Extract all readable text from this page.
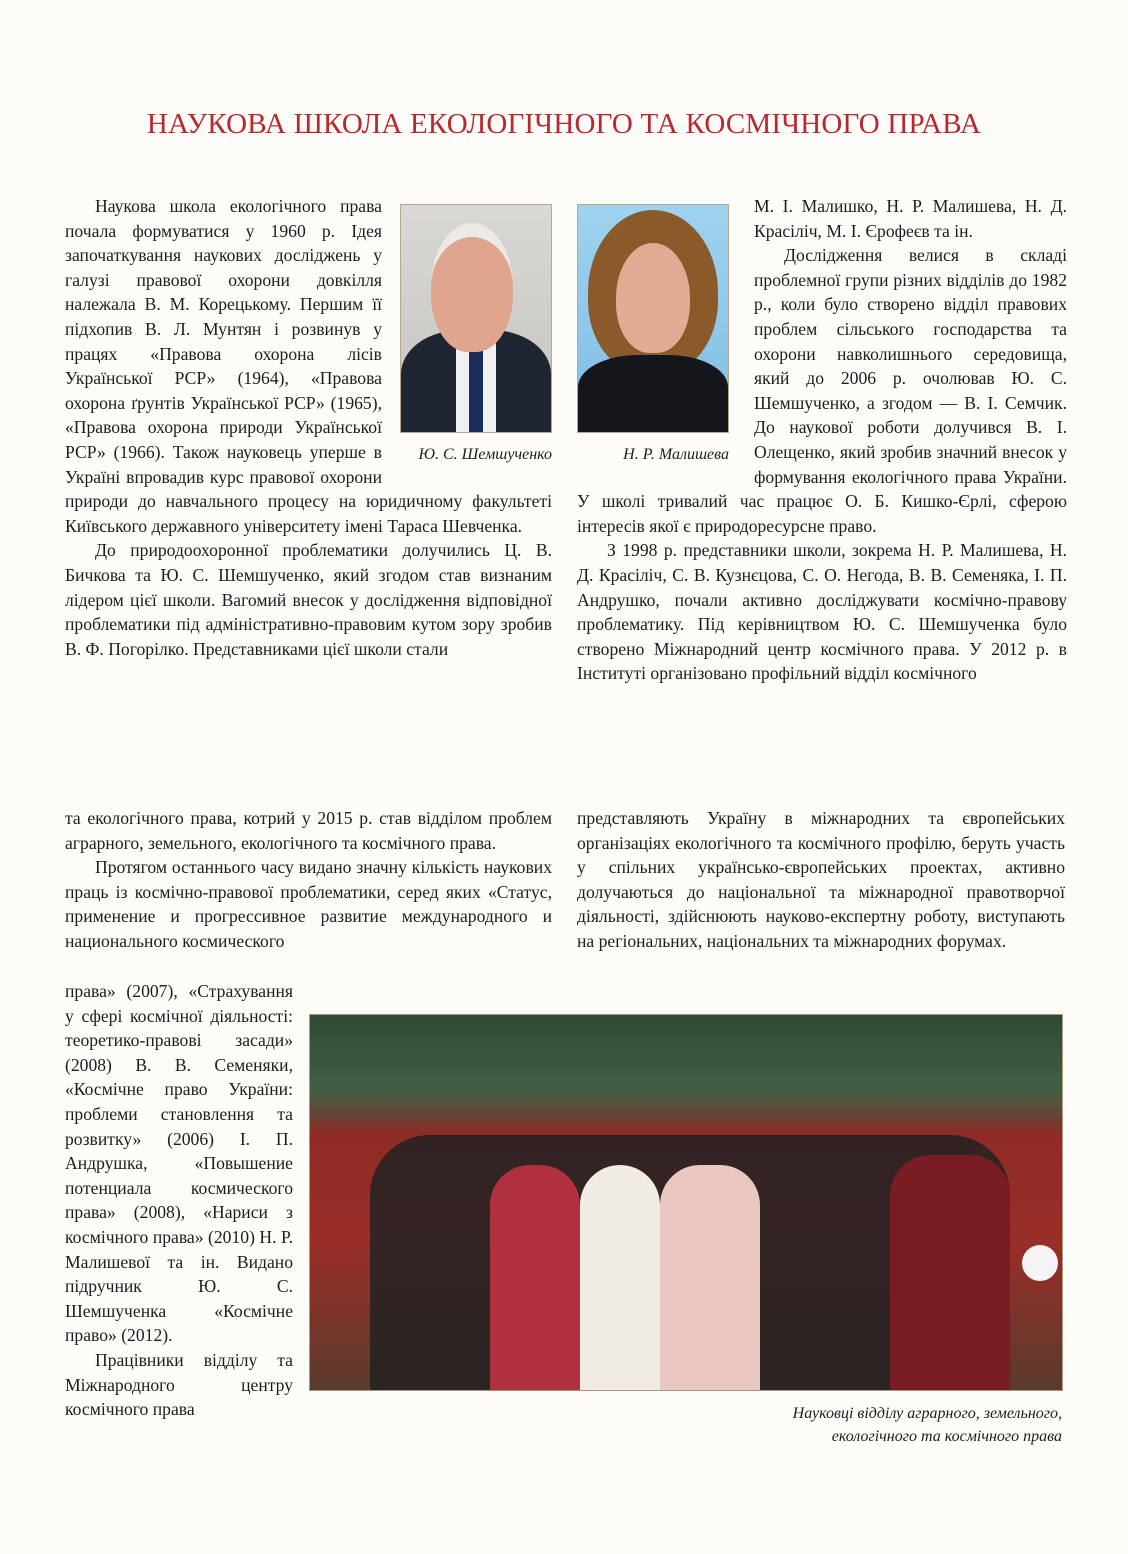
НАУКОВА ШКОЛА ЕКОЛОГІЧНОГО ТА КОСМІЧНОГО ПРАВА
Ю. С. Шемшученко

Наукова школа екологічного права почала формуватися у 1960 р. Ідея започаткування наукових досліджень у галузі правової охорони довкілля належала В. М. Корецькому. Першим її підхопив В. Л. Мунтян і розвинув у працях «Правова охорона лісів Української РСР» (1964), «Правова охорона ґрунтів Української РСР» (1965), «Правова охорона природи Української РСР» (1966). Також науковець уперше в Україні впровадив курс правової охорони природи до навчального процесу на юридичному факультеті Київського державного університету імені Тараса Шевченка.

До природоохоронної проблематики долучились Ц. В. Бичкова та Ю. С. Шемшученко, який згодом став визнаним лідером цієї школи. Вагомий внесок у дослідження відповідної проблематики під адміністративно-правовим кутом зору зробив В. Ф. Погорілко. Представниками цієї школи стали

Н. Р. Малишева

М. І. Малишко, Н. Р. Малишева, Н. Д. Красіліч, М. І. Єрофеєв та ін.

Дослідження велися в складі проблемної групи різних відділів до 1982 р., коли було створено відділ правових проблем сільського господарства та охорони навколишнього середовища, який до 2006 р. очолював Ю. С. Шемшученко, а згодом — В. І. Семчик. До наукової роботи долучився В. І. Олещенко, який зробив значний внесок у формування екологічного права України. У школі тривалий час працює О. Б. Кишко-Єрлі, сферою інтересів якої є природоресурсне право.

З 1998 р. представники школи, зокрема Н. Р. Малишева, Н. Д. Красіліч, С. В. Кузнєцова, С. О. Негода, В. В. Семеняка, І. П. Андрушко, почали активно досліджувати космічно-правову проблематику. Під керівництвом Ю. С. Шемшученка було створено Міжнародний центр космічного права. У 2012 р. в Інституті організовано профільний відділ космічного

та екологічного права, котрий у 2015 р. став відділом проблем аграрного, земельного, екологічного та космічного права.

Протягом останнього часу видано значну кількість наукових праць із космічно-правової проблематики, серед яких «Статус, применение и прогрессивное развитие международного и национального космического

права» (2007), «Страхування у сфері космічної діяльності: теоретико-правові засади» (2008) В. В. Семеняки, «Космічне право України: проблеми становлення та розвитку» (2006) І. П. Андрушка, «Повышение потенциала космического права» (2008), «Нариси з космічного права» (2010) Н. Р. Малишевої та ін. Видано підручник Ю. С. Шемшученка «Космічне право» (2012).

Працівники відділу та Міжнародного центру космічного права

представляють Україну в міжнародних та європейських організаціях екологічного та космічного профілю, беруть участь у спільних українсько-європейських проектах, активно долучаються до національної та міжнародної правотворчої діяльності, здійснюють науково-експертну роботу, виступають на регіональних, національних та міжнародних форумах.

Науковці відділу аграрного, земельного,
екологічного та космічного права
